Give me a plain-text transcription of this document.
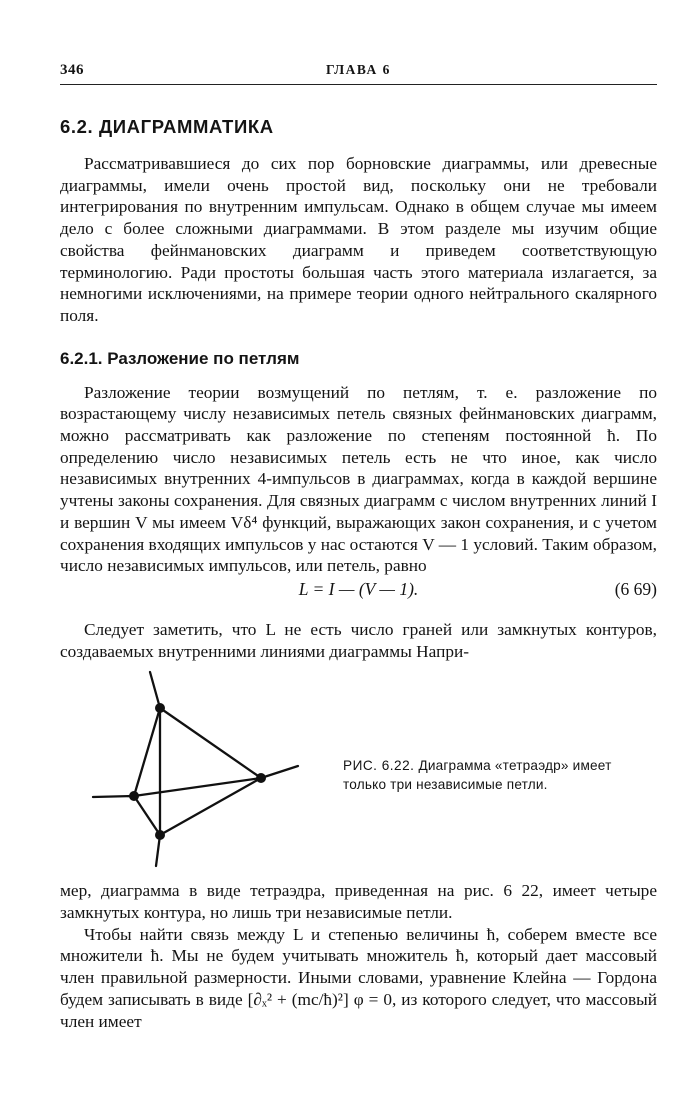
346	ГЛАВА 6
6.2. ДИАГРАММАТИКА

Рассматривавшиеся до сих пор борновские диаграммы, или древесные диаграммы, имели очень простой вид, поскольку они не требовали интегрирования по внутренним импульсам. Однако в общем случае мы имеем дело с более сложными диаграммами. В этом разделе мы изучим общие свойства фейнмановских диаграмм и приведем соответствующую терминологию. Ради простоты большая часть этого материала излагается, за немногими исключениями, на примере теории одного нейтрального скалярного поля.

6.2.1. Разложение по петлям

Разложение теории возмущений по петлям, т. е. разложение по возрастающему числу независимых петель связных фейнмановских диаграмм, можно рассматривать как разложение по степеням постоянной ħ. По определению число независимых петель есть не что иное, как число независимых внутренних 4-импульсов в диаграммах, когда в каждой вершине учтены законы сохранения. Для связных диаграмм с числом внутренних линий I и вершин V мы имеем Vδ⁴ функций, выражающих закон сохранения, и с учетом сохранения входящих импульсов у нас остаются V — 1 условий. Таким образом, число независимых импульсов, или петель, равно

L = I — (V — 1).	(6 69)

Следует заметить, что L не есть число граней или замкнутых контуров, создаваемых внутренними линиями диаграммы Напри-

РИС. 6.22. Диаграмма «тетраэдр» имеет только три независимые петли.

мер, диаграмма в виде тетраэдра, приведенная на рис. 6 22, имеет четыре замкнутых контура, но лишь три независимые петли.

Чтобы найти связь между L и степенью величины ħ, соберем вместе все множители ħ. Мы не будем учитывать множитель ħ, который дает массовый член правильной размерности. Иными словами, уравнение Клейна — Гордона будем записывать в виде [∂ₓ² + (mc/ħ)²] φ = 0, из которого следует, что массовый член имеет
